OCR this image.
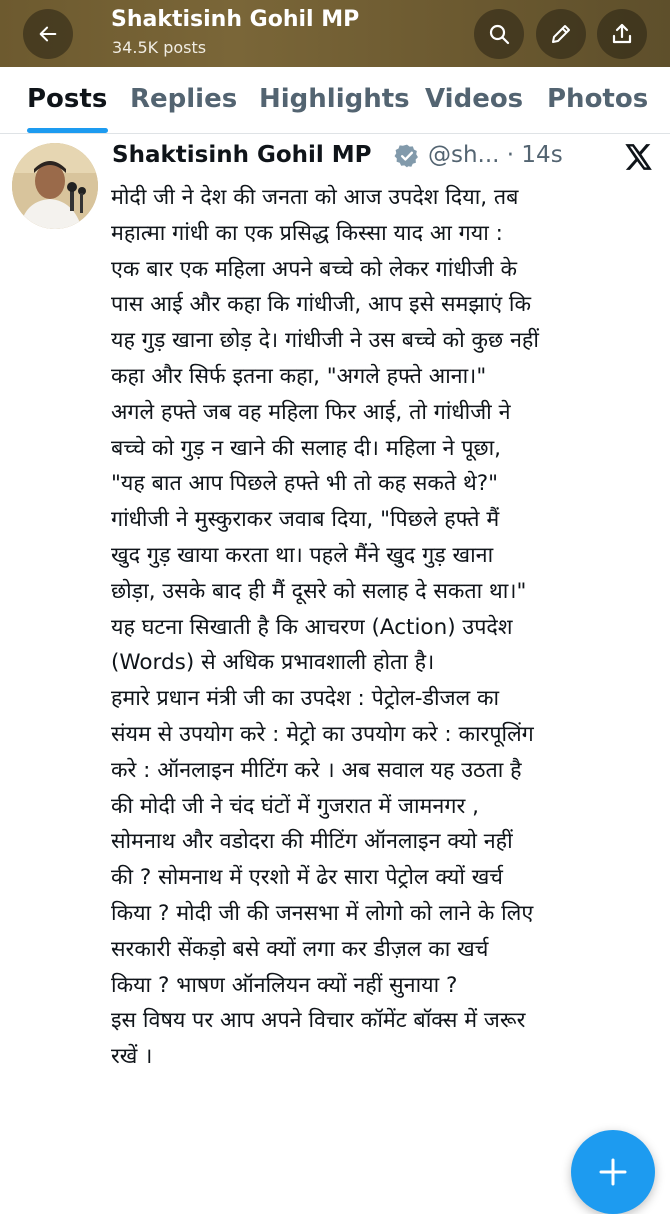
Shaktisinh Gohil MP
34.5K posts
Posts Replies Highlights Videos Photos
Shaktisinh Gohil MP @sh... · 14s
मोदी जी ने देश की जनता को आज उपदेश दिया, तब
महात्मा गांधी का एक प्रसिद्ध किस्सा याद आ गया :
एक बार एक महिला अपने बच्चे को लेकर गांधीजी के
पास आई और कहा कि गांधीजी, आप इसे समझाएं कि
यह गुड़ खाना छोड़ दे। गांधीजी ने उस बच्चे को कुछ नहीं
कहा और सिर्फ इतना कहा, "अगले हफ्ते आना।"
अगले हफ्ते जब वह महिला फिर आई, तो गांधीजी ने
बच्चे को गुड़ न खाने की सलाह दी। महिला ने पूछा,
"यह बात आप पिछले हफ्ते भी तो कह सकते थे?"
गांधीजी ने मुस्कुराकर जवाब दिया, "पिछले हफ्ते मैं
खुद गुड़ खाया करता था। पहले मैंने खुद गुड़ खाना
छोड़ा, उसके बाद ही मैं दूसरे को सलाह दे सकता था।"
यह घटना सिखाती है कि आचरण (Action) उपदेश
(Words) से अधिक प्रभावशाली होता है।
हमारे प्रधान मंत्री जी का उपदेश : पेट्रोल-डीजल का
संयम से उपयोग करे : मेट्रो का उपयोग करे : कारपूलिंग
करे : ऑनलाइन मीटिंग करे । अब सवाल यह उठता है
की मोदी जी ने चंद घंटों में गुजरात में जामनगर ,
सोमनाथ और वडोदरा की मीटिंग ऑनलाइन क्यो नहीं
की ? सोमनाथ में एरशो में ढेर सारा पेट्रोल क्यों खर्च
किया ? मोदी जी की जनसभा में लोगो को लाने के लिए
सरकारी सेंकड़ो बसे क्यों लगा कर डीज़ल का खर्च
किया ? भाषण ऑनलियन क्यों नहीं सुनाया ?
इस विषय पर आप अपने विचार कॉमेंट बॉक्स में जरूर
रखें ।
